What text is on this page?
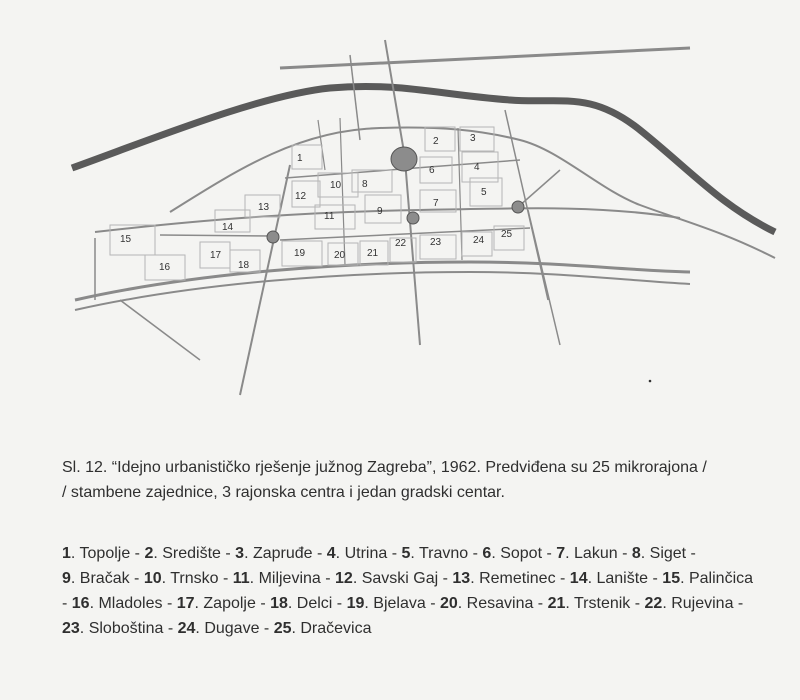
1
2	3
4
5
6
7
8
9
10
11
12
13
14
15
16
17
18
19	20 21
22 23	24
25
Sl. 12. “Idejno urbanističko rješenje južnog Zagreba”, 1962. Predviđena su 25 mikrorajona /
/ stambene zajednice, 3 rajonska centra i jedan gradski centar.
1. Topolje - 2. Središte - 3. Zapruđe - 4. Utrina - 5. Travno - 6. Sopot - 7. Lakun - 8. Siget - 9. Bračak - 10. Trnsko - 11. Miljevina - 12. Savski Gaj - 13. Remetinec - 14. Lanište - 15. Palinčica - 16. Mladoles - 17. Zapolje - 18. Delci - 19. Bjelava - 20. Resavina - 21. Trstenik - 22. Rujevina - 23. Sloboština - 24. Dugave - 25. Dračevica
